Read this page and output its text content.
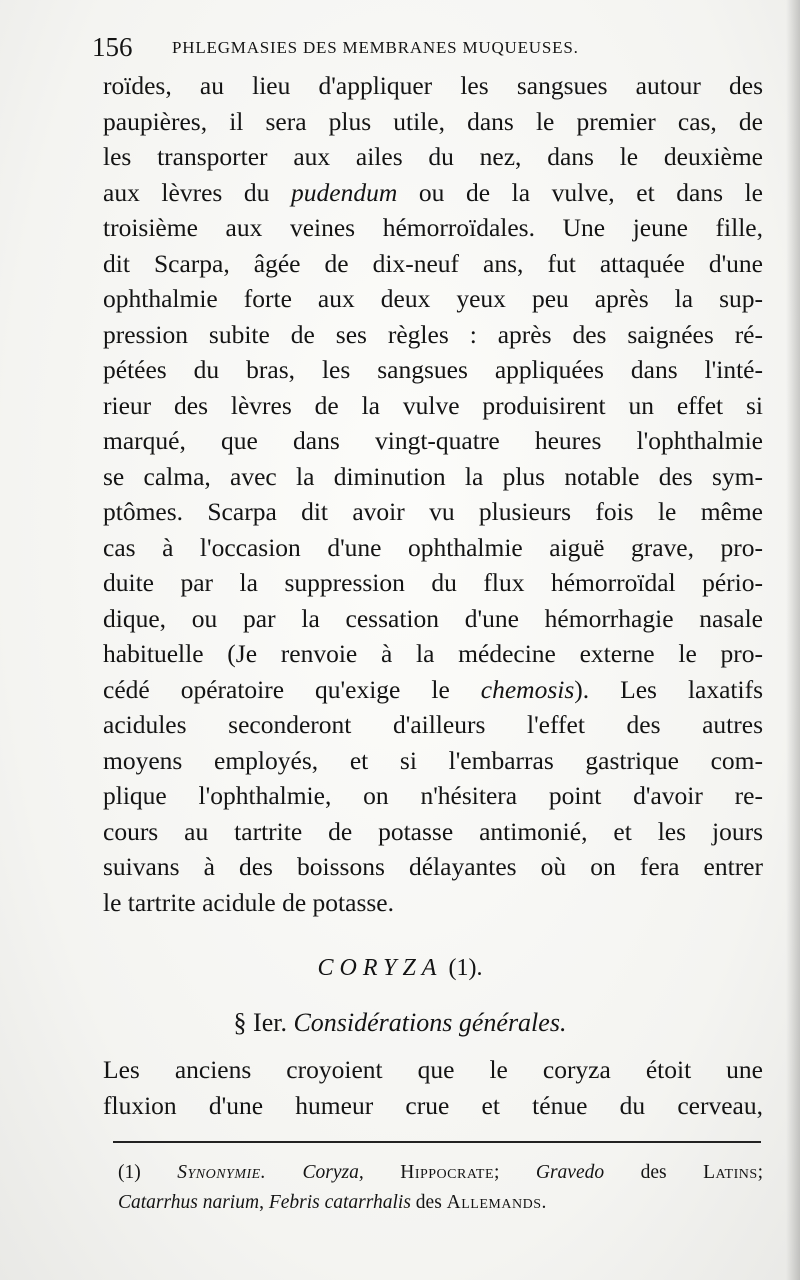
156 PHLEGMASIES DES MEMBRANES MUQUEUSES.
roïdes, au lieu d'appliquer les sangsues autour des
paupières, il sera plus utile, dans le premier cas, de
les transporter aux ailes du nez, dans le deuxième
aux lèvres du pudendum ou de la vulve, et dans le
troisième aux veines hémorroïdales. Une jeune fille,
dit Scarpa, âgée de dix-neuf ans, fut attaquée d'une
ophthalmie forte aux deux yeux peu après la sup-
pression subite de ses règles : après des saignées ré-
pétées du bras, les sangsues appliquées dans l'inté-
rieur des lèvres de la vulve produisirent un effet si
marqué, que dans vingt-quatre heures l'ophthalmie
se calma, avec la diminution la plus notable des sym-
ptômes. Scarpa dit avoir vu plusieurs fois le même
cas à l'occasion d'une ophthalmie aiguë grave, pro-
duite par la suppression du flux hémorroïdal pério-
dique, ou par la cessation d'une hémorrhagie nasale
habituelle (Je renvoie à la médecine externe le pro-
cédé opératoire qu'exige le chemosis). Les laxatifs
acidules seconderont d'ailleurs l'effet des autres
moyens employés, et si l'embarras gastrique com-
plique l'ophthalmie, on n'hésitera point d'avoir re-
cours au tartrite de potasse antimonié, et les jours
suivans à des boissons délayantes où on fera entrer
le tartrite acidule de potasse.
CORYZA (1).
§ Ier. Considérations générales.
Les anciens croyoient que le coryza étoit une
fluxion d'une humeur crue et ténue du cerveau,
(1) Synonymie. Coryza, Hippocrate; Gravedo des Latins;
Catarrhus narium, Febris catarrhalis des Allemands.
